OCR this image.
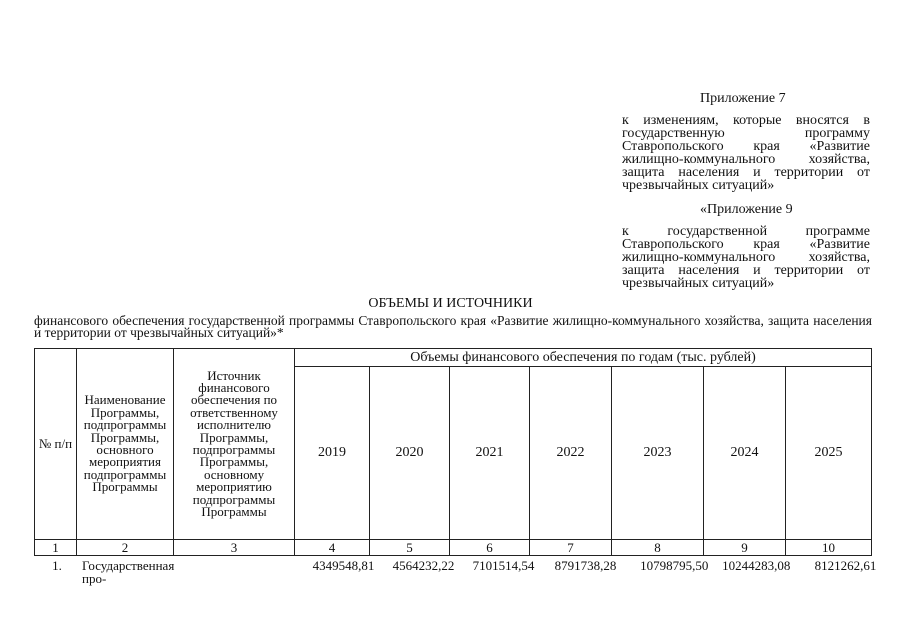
Приложение 7
к изменениям, которые вносятся в государственную программу Ставропольского края «Развитие жилищно-коммунального хозяйства, защита населения и территории от чрезвычайных ситуаций»
«Приложение 9
к государственной программе Ставропольского края «Развитие жилищно-коммунального хозяйства, защита населения и территории от чрезвычайных ситуаций»
ОБЪЕМЫ И ИСТОЧНИКИ
финансового обеспечения государственной программы Ставропольского края «Развитие жилищно-коммунального хозяйства, защита населения и территории от чрезвычайных ситуаций»*
№ п/п	Наименование Программы, подпрограммы Программы, основного мероприятия подпрограммы Программы	Источник финансового обеспечения по ответственному исполнителю Программы, подпрограммы Программы, основному мероприятию подпрограммы Программы	Объемы финансового обеспечения по годам (тыс. рублей)						
			2019	2020	2021	2022	2023	2024	2025
1	2	3	4	5	6	7	8	9	10
1.	Государственная про-		4349548,81	4564232,22	7101514,54	8791738,28	10798795,50	10244283,08	8121262,61
